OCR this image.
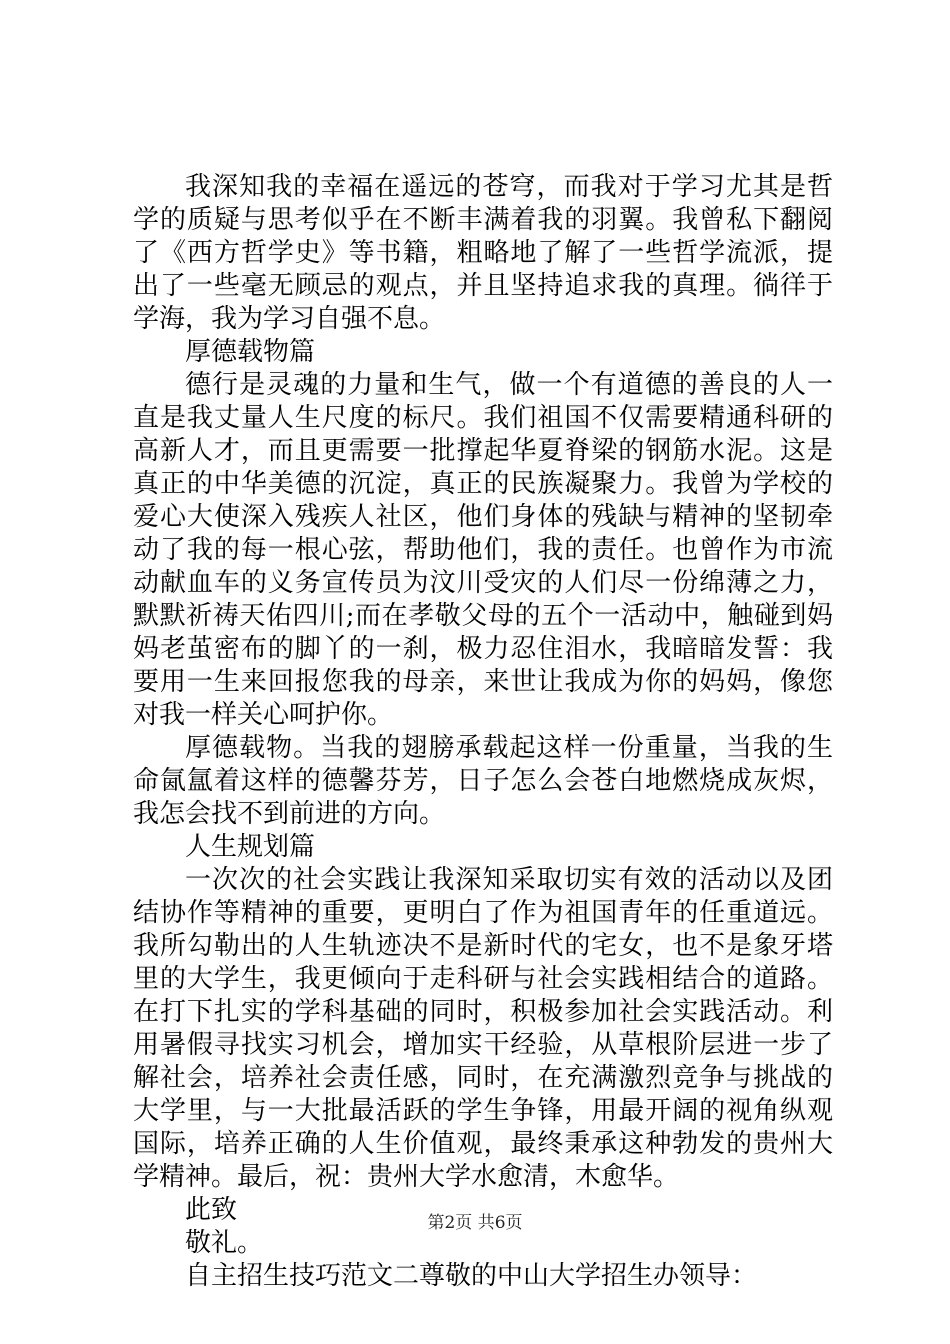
我深知我的幸福在遥远的苍穹，而我对于学习尤其是哲学的质疑与思考似乎在不断丰满着我的羽翼。我曾私下翻阅了《西方哲学史》等书籍，粗略地了解了一些哲学流派，提出了一些毫无顾忌的观点，并且坚持追求我的真理。徜徉于学海，我为学习自强不息。

厚德载物篇

德行是灵魂的力量和生气，做一个有道德的善良的人一直是我丈量人生尺度的标尺。我们祖国不仅需要精通科研的高新人才，而且更需要一批撑起华夏脊梁的钢筋水泥。这是真正的中华美德的沉淀，真正的民族凝聚力。我曾为学校的爱心大使深入残疾人社区，他们身体的残缺与精神的坚韧牵动了我的每一根心弦，帮助他们，我的责任。也曾作为市流动献血车的义务宣传员为汶川受灾的人们尽一份绵薄之力，默默祈祷天佑四川;而在孝敬父母的五个一活动中，触碰到妈妈老茧密布的脚丫的一刹，极力忍住泪水，我暗暗发誓：我要用一生来回报您我的母亲，来世让我成为你的妈妈，像您对我一样关心呵护你。

厚德载物。当我的翅膀承载起这样一份重量，当我的生命氤氲着这样的德馨芬芳，日子怎么会苍白地燃烧成灰烬，我怎会找不到前进的方向。

人生规划篇

一次次的社会实践让我深知采取切实有效的活动以及团结协作等精神的重要，更明白了作为祖国青年的任重道远。我所勾勒出的人生轨迹决不是新时代的宅女，也不是象牙塔里的大学生，我更倾向于走科研与社会实践相结合的道路。在打下扎实的学科基础的同时，积极参加社会实践活动。利用暑假寻找实习机会，增加实干经验，从草根阶层进一步了解社会，培养社会责任感，同时，在充满激烈竞争与挑战的大学里，与一大批最活跃的学生争锋，用最开阔的视角纵观国际，培养正确的人生价值观，最终秉承这种勃发的贵州大学精神。最后，祝：贵州大学水愈清，木愈华。

此致

敬礼。

自主招生技巧范文二尊敬的中山大学招生办领导：

第2页 共6页
